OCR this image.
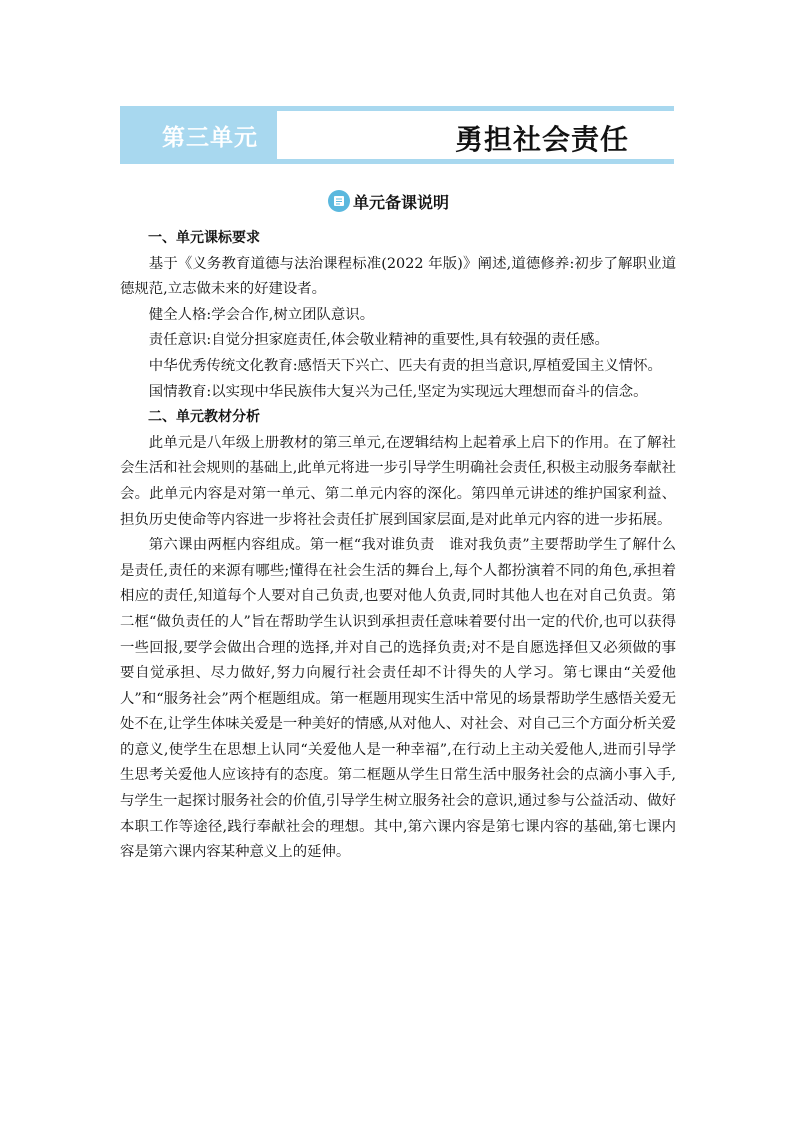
第三单元	勇担社会责任
单元备课说明

一、单元课标要求

基于《义务教育道德与法治课程标准(2022 年版)》阐述,道德修养:初步了解职业道德规范,立志做未来的好建设者。

健全人格:学会合作,树立团队意识。

责任意识:自觉分担家庭责任,体会敬业精神的重要性,具有较强的责任感。

中华优秀传统文化教育:感悟天下兴亡、匹夫有责的担当意识,厚植爱国主义情怀。

国情教育:以实现中华民族伟大复兴为己任,坚定为实现远大理想而奋斗的信念。

二、单元教材分析

此单元是八年级上册教材的第三单元,在逻辑结构上起着承上启下的作用。在了解社会生活和社会规则的基础上,此单元将进一步引导学生明确社会责任,积极主动服务奉献社会。此单元内容是对第一单元、第二单元内容的深化。第四单元讲述的维护国家利益、担负历史使命等内容进一步将社会责任扩展到国家层面,是对此单元内容的进一步拓展。

第六课由两框内容组成。第一框“我对谁负责　谁对我负责”主要帮助学生了解什么是责任,责任的来源有哪些;懂得在社会生活的舞台上,每个人都扮演着不同的角色,承担着相应的责任,知道每个人要对自己负责,也要对他人负责,同时其他人也在对自己负责。第二框“做负责任的人”旨在帮助学生认识到承担责任意味着要付出一定的代价,也可以获得一些回报,要学会做出合理的选择,并对自己的选择负责;对不是自愿选择但又必须做的事要自觉承担、尽力做好,努力向履行社会责任却不计得失的人学习。第七课由“关爱他人”和“服务社会”两个框题组成。第一框题用现实生活中常见的场景帮助学生感悟关爱无处不在,让学生体味关爱是一种美好的情感,从对他人、对社会、对自己三个方面分析关爱的意义,使学生在思想上认同“关爱他人是一种幸福”,在行动上主动关爱他人,进而引导学生思考关爱他人应该持有的态度。第二框题从学生日常生活中服务社会的点滴小事入手,与学生一起探讨服务社会的价值,引导学生树立服务社会的意识,通过参与公益活动、做好本职工作等途径,践行奉献社会的理想。其中,第六课内容是第七课内容的基础,第七课内容是第六课内容某种意义上的延伸。
